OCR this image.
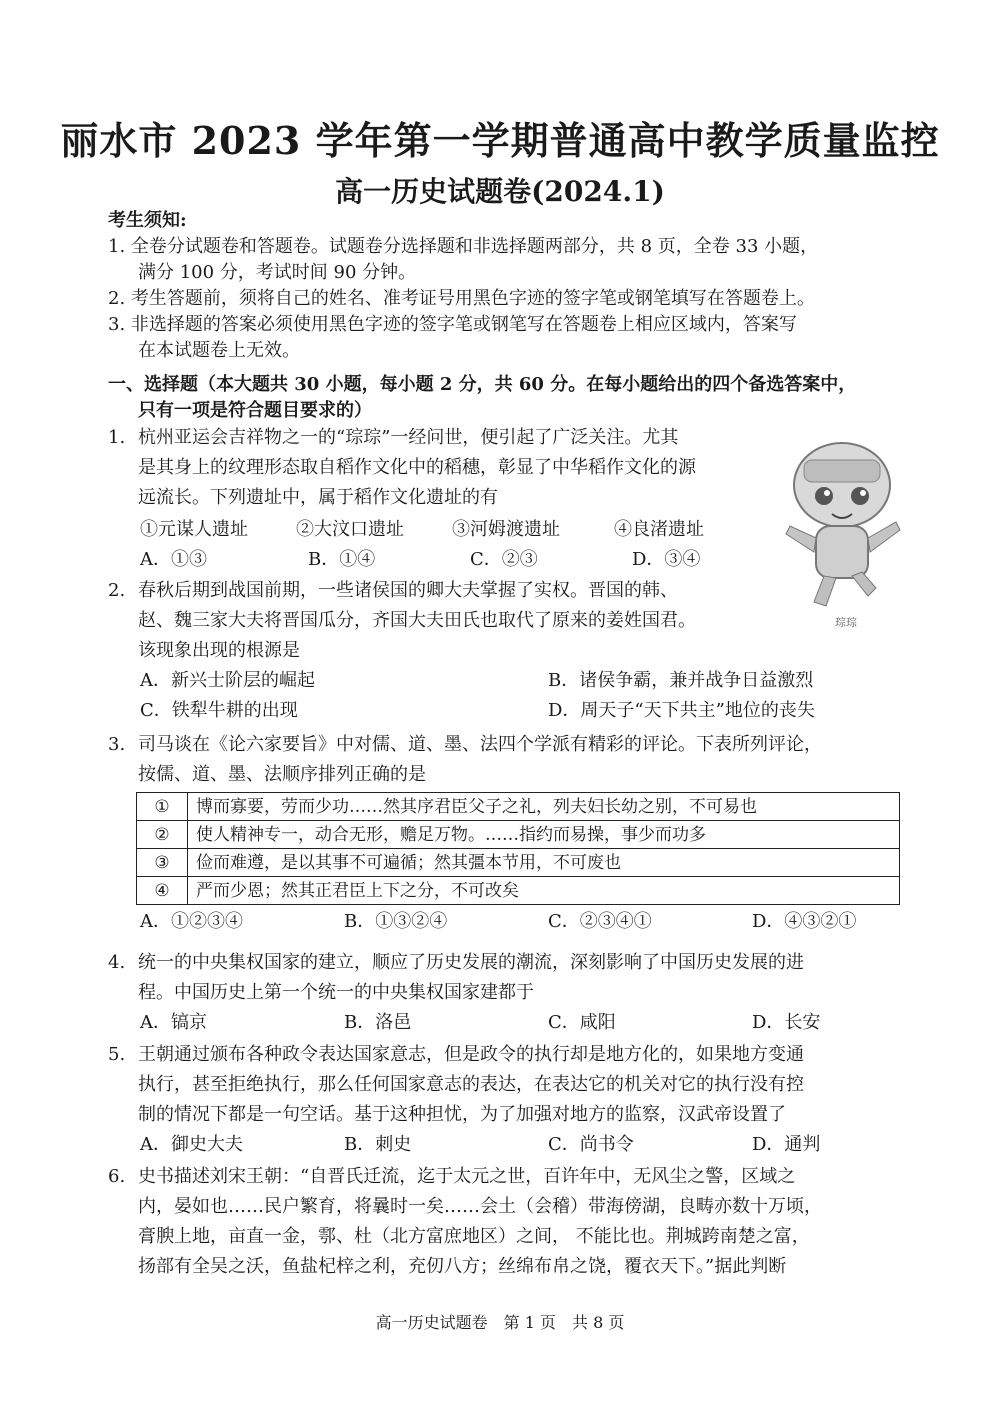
丽水市 2023 学年第一学期普通高中教学质量监控
高一历史试题卷(2024.1)
考生须知:
1. 全卷分试题卷和答题卷。试题卷分选择题和非选择题两部分，共 8 页，全卷 33 小题，
满分 100 分，考试时间 90 分钟。
2. 考生答题前，须将自己的姓名、准考证号用黑色字迹的签字笔或钢笔填写在答题卷上。
3. 非选择题的答案必须使用黑色字迹的签字笔或钢笔写在答题卷上相应区域内，答案写
在本试题卷上无效。
一、选择题（本大题共 30 小题，每小题 2 分，共 60 分。在每小题给出的四个备选答案中，
只有一项是符合题目要求的）
琮琮
1. 杭州亚运会吉祥物之一的“琮琮”一经问世，便引起了广泛关注。尤其
是其身上的纹理形态取自稻作文化中的稻穗，彰显了中华稻作文化的源
远流长。下列遗址中，属于稻作文化遗址的有
①元谋人遗址	②大汶口遗址	③河姆渡遗址	④良渚遗址
A．①③	B．①④	C．②③	D．③④
2. 春秋后期到战国前期，一些诸侯国的卿大夫掌握了实权。晋国的韩、
赵、魏三家大夫将晋国瓜分，齐国大夫田氏也取代了原来的姜姓国君。
该现象出现的根源是
A．新兴士阶层的崛起	B．诸侯争霸，兼并战争日益激烈
C．铁犁牛耕的出现	D．周天子“天下共主”地位的丧失
3. 司马谈在《论六家要旨》中对儒、道、墨、法四个学派有精彩的评论。下表所列评论，
按儒、道、墨、法顺序排列正确的是
①	博而寡要，劳而少功……然其序君臣父子之礼，列夫妇长幼之别，不可易也
②	使人精神专一，动合无形，赡足万物。……指约而易操，事少而功多
③	俭而难遵，是以其事不可遍循；然其彊本节用，不可废也
④	严而少恩；然其正君臣上下之分，不可改矣
A．①②③④	B．①③②④	C．②③④①	D．④③②①
4. 统一的中央集权国家的建立，顺应了历史发展的潮流，深刻影响了中国历史发展的进
程。中国历史上第一个统一的中央集权国家建都于
A．镐京	B．洛邑	C．咸阳	D．长安
5. 王朝通过颁布各种政令表达国家意志，但是政令的执行却是地方化的，如果地方变通
执行，甚至拒绝执行，那么任何国家意志的表达，在表达它的机关对它的执行没有控
制的情况下都是一句空话。基于这种担忧，为了加强对地方的监察，汉武帝设置了
A．御史大夫	B．刺史	C．尚书令	D．通判
6. 史书描述刘宋王朝：“自晋氏迁流，迄于太元之世，百许年中，无风尘之警，区域之
内，晏如也……民户繁育，将曩时一矣……会土（会稽）带海傍湖，良畴亦数十万顷，
膏腴上地，亩直一金，鄠、杜（北方富庶地区）之间， 不能比也。荆城跨南楚之富，
扬部有全吴之沃，鱼盐杞梓之利，充仞八方；丝绵布帛之饶，覆衣天下。”据此判断
高一历史试题卷　第 1 页　共 8 页
